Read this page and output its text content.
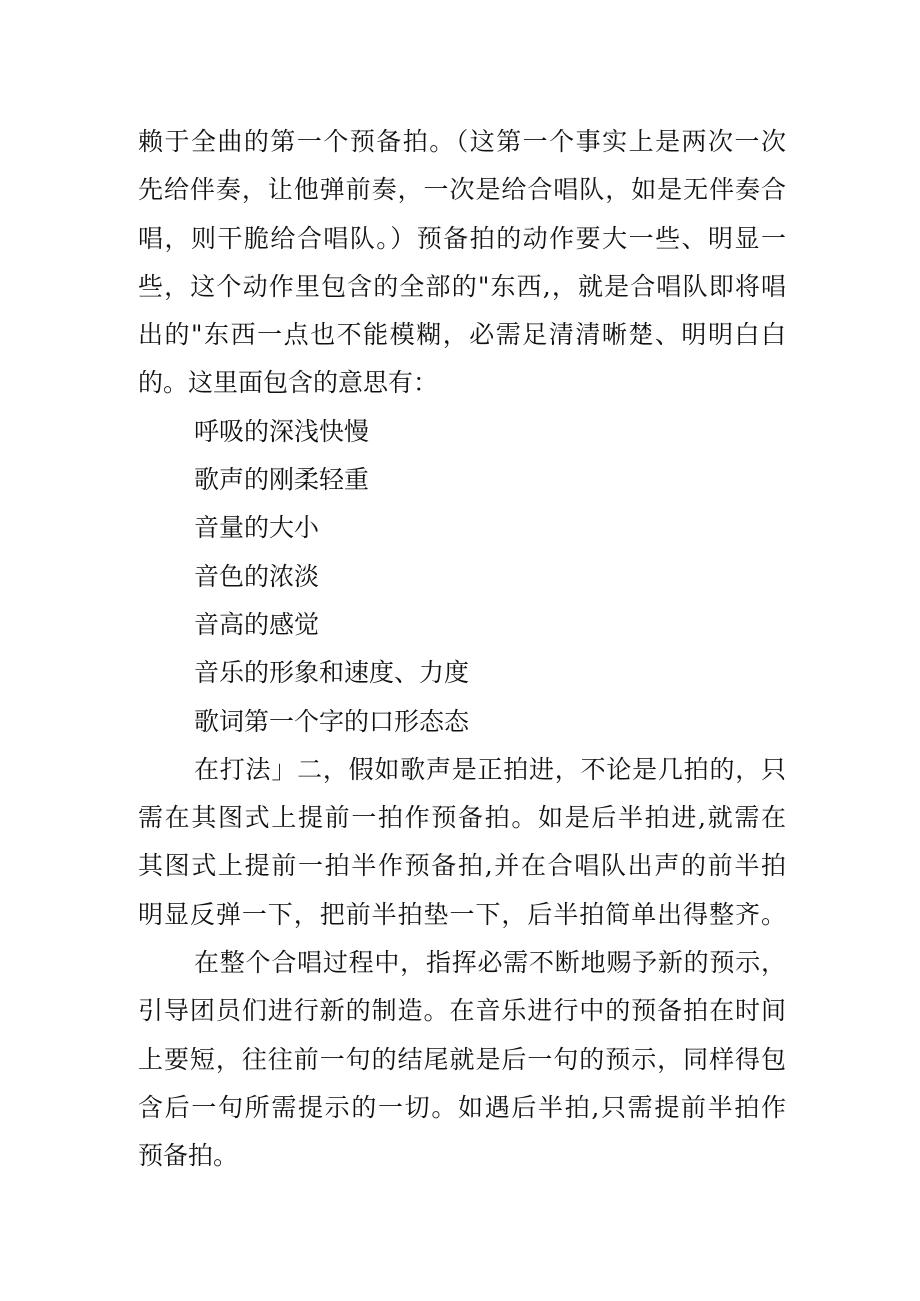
赖于全曲的第一个预备拍。（这第一个事实上是两次一次
先给伴奏，让他弹前奏，一次是给合唱队，如是无伴奏合
唱，则干脆给合唱队。）预备拍的动作要大一些、明显一
些，这个动作里包含的全部的"东西,，就是合唱队即将唱
出的"东西一点也不能模糊，必需足清清晰楚、明明白白
的。这里面包含的意思有：
呼吸的深浅快慢
歌声的刚柔轻重
音量的大小
音色的浓淡
音高的感觉
音乐的形象和速度、力度
歌词第一个字的口形态态
在打法」二，假如歌声是正拍进，不论是几拍的，只
需在其图式上提前一拍作预备拍。如是后半拍进,就需在
其图式上提前一拍半作预备拍,并在合唱队出声的前半拍
明显反弹一下，把前半拍垫一下，后半拍简单出得整齐。
在整个合唱过程中，指挥必需不断地赐予新的预示，
引导团员们进行新的制造。在音乐进行中的预备拍在时间
上要短，往往前一句的结尾就是后一句的预示，同样得包
含后一句所需提示的一切。如遇后半拍,只需提前半拍作
预备拍。
